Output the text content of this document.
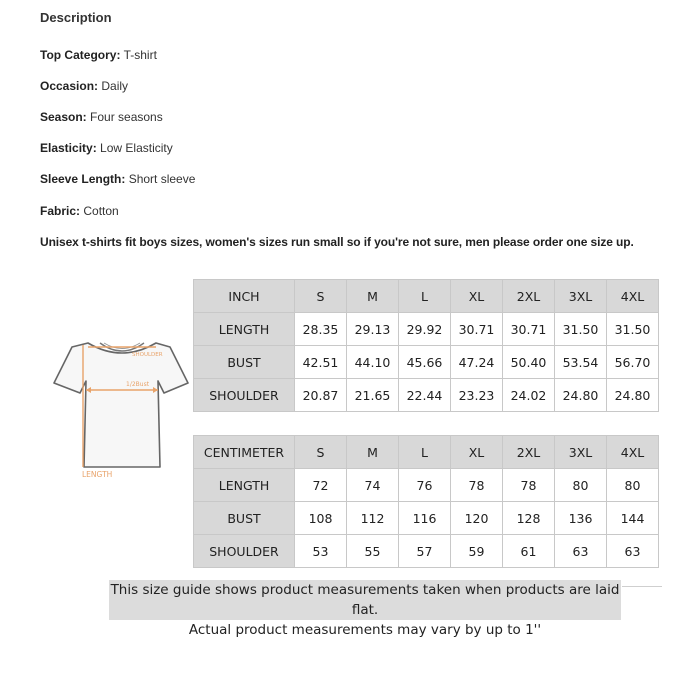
Description
Top Category: T-shirt
Occasion: Daily
Season: Four seasons
Elasticity: Low Elasticity
Sleeve Length: Short sleeve
Fabric: Cotton
Unisex t-shirts fit boys sizes, women's sizes run small so if you're not sure, men please order one size up.
SHOULDER
1/2Bust
LENGTH
INCH	S	M	L	XL	2XL	3XL	4XL
LENGTH	28.35	29.13	29.92	30.71	30.71	31.50	31.50
BUST	42.51	44.10	45.66	47.24	50.40	53.54	56.70
SHOULDER	20.87	21.65	22.44	23.23	24.02	24.80	24.80
CENTIMETER	S	M	L	XL	2XL	3XL	4XL
LENGTH	72	74	76	78	78	80	80
BUST	108	112	116	120	128	136	144
SHOULDER	53	55	57	59	61	63	63
This size guide shows product measurements taken when products are laid flat.
Actual product measurements may vary by up to 1''
